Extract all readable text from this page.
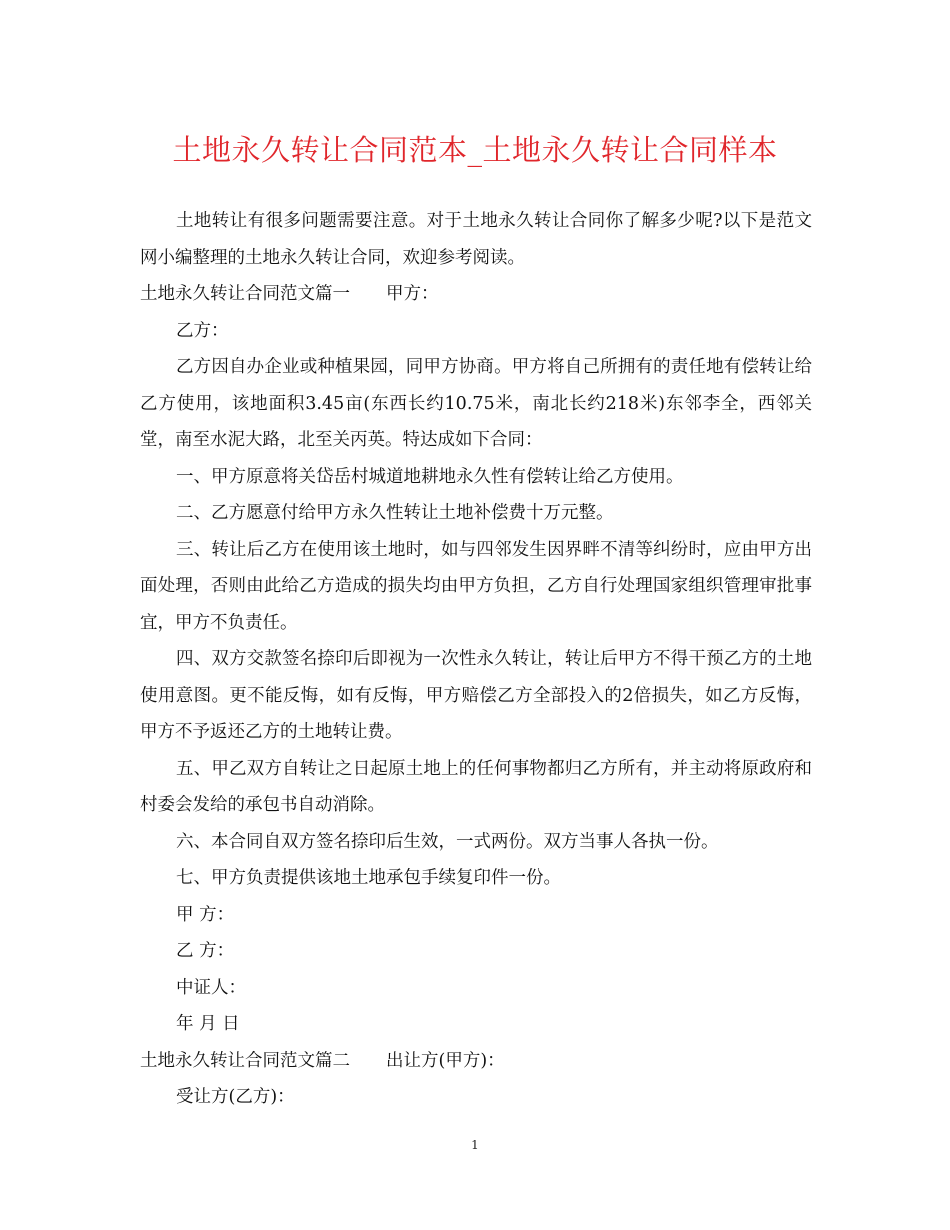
土地永久转让合同范本_土地永久转让合同样本

土地转让有很多问题需要注意。对于土地永久转让合同你了解多少呢?以下是范文网小编整理的土地永久转让合同，欢迎参考阅读。

土地永久转让合同范文篇一 甲方：

乙方：

乙方因自办企业或种植果园，同甲方协商。甲方将自己所拥有的责任地有偿转让给乙方使用，该地面积3.45亩(东西长约10.75米，南北长约218米)东邻李全，西邻关堂，南至水泥大路，北至关丙英。特达成如下合同：

一、甲方原意将关岱岳村城道地耕地永久性有偿转让给乙方使用。

二、乙方愿意付给甲方永久性转让土地补偿费十万元整。

三、转让后乙方在使用该土地时，如与四邻发生因界畔不清等纠纷时，应由甲方出面处理，否则由此给乙方造成的损失均由甲方负担，乙方自行处理国家组织管理审批事宜，甲方不负责任。

四、双方交款签名捺印后即视为一次性永久转让，转让后甲方不得干预乙方的土地使用意图。更不能反悔，如有反悔，甲方赔偿乙方全部投入的2倍损失，如乙方反悔，甲方不予返还乙方的土地转让费。

五、甲乙双方自转让之日起原土地上的任何事物都归乙方所有，并主动将原政府和村委会发给的承包书自动消除。

六、本合同自双方签名捺印后生效，一式两份。双方当事人各执一份。

七、甲方负责提供该地土地承包手续复印件一份。

甲 方：

乙 方：

中证人：

年 月 日

土地永久转让合同范文篇二 出让方(甲方)：

受让方(乙方)：

1
